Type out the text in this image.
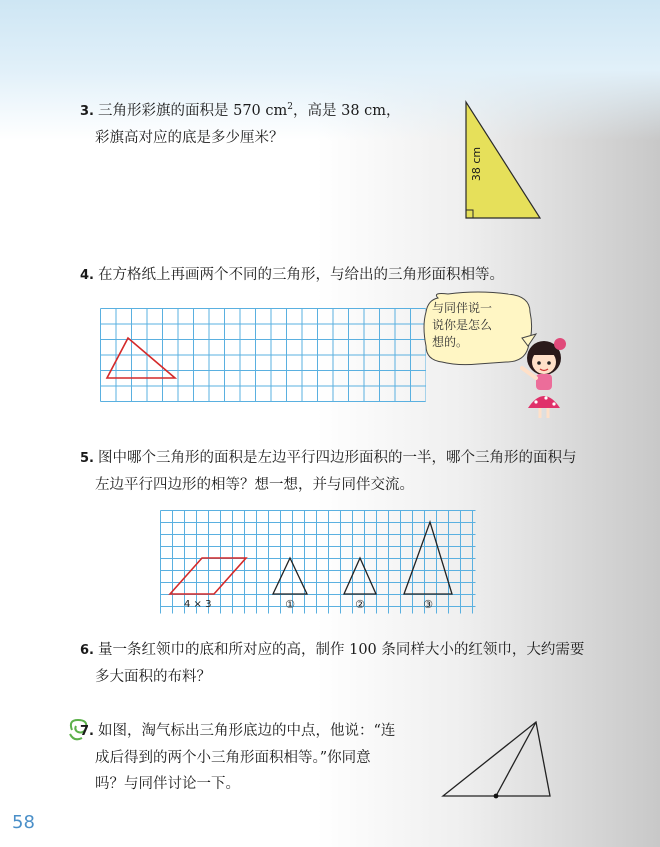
3. 三角形彩旗的面积是 570 $cm^2$，高是 38 cm，
彩旗高对应的底是多少厘米？
38 cm
4. 在方格纸上再画两个不同的三角形，与给出的三角形面积相等。
与同伴说一
说你是怎么
想的。
5. 图中哪个三角形的面积是左边平行四边形面积的一半，哪个三角形的面积与
左边平行四边形的相等？想一想，并与同伴交流。
4 × 3	①	②	③
6. 量一条红领巾的底和所对应的高，制作 100 条同样大小的红领巾，大约需要
多大面积的布料？
7. 如图，淘气标出三角形底边的中点，他说：“连
成后得到的两个小三角形面积相等。”你同意
吗？与同伴讨论一下。
58
